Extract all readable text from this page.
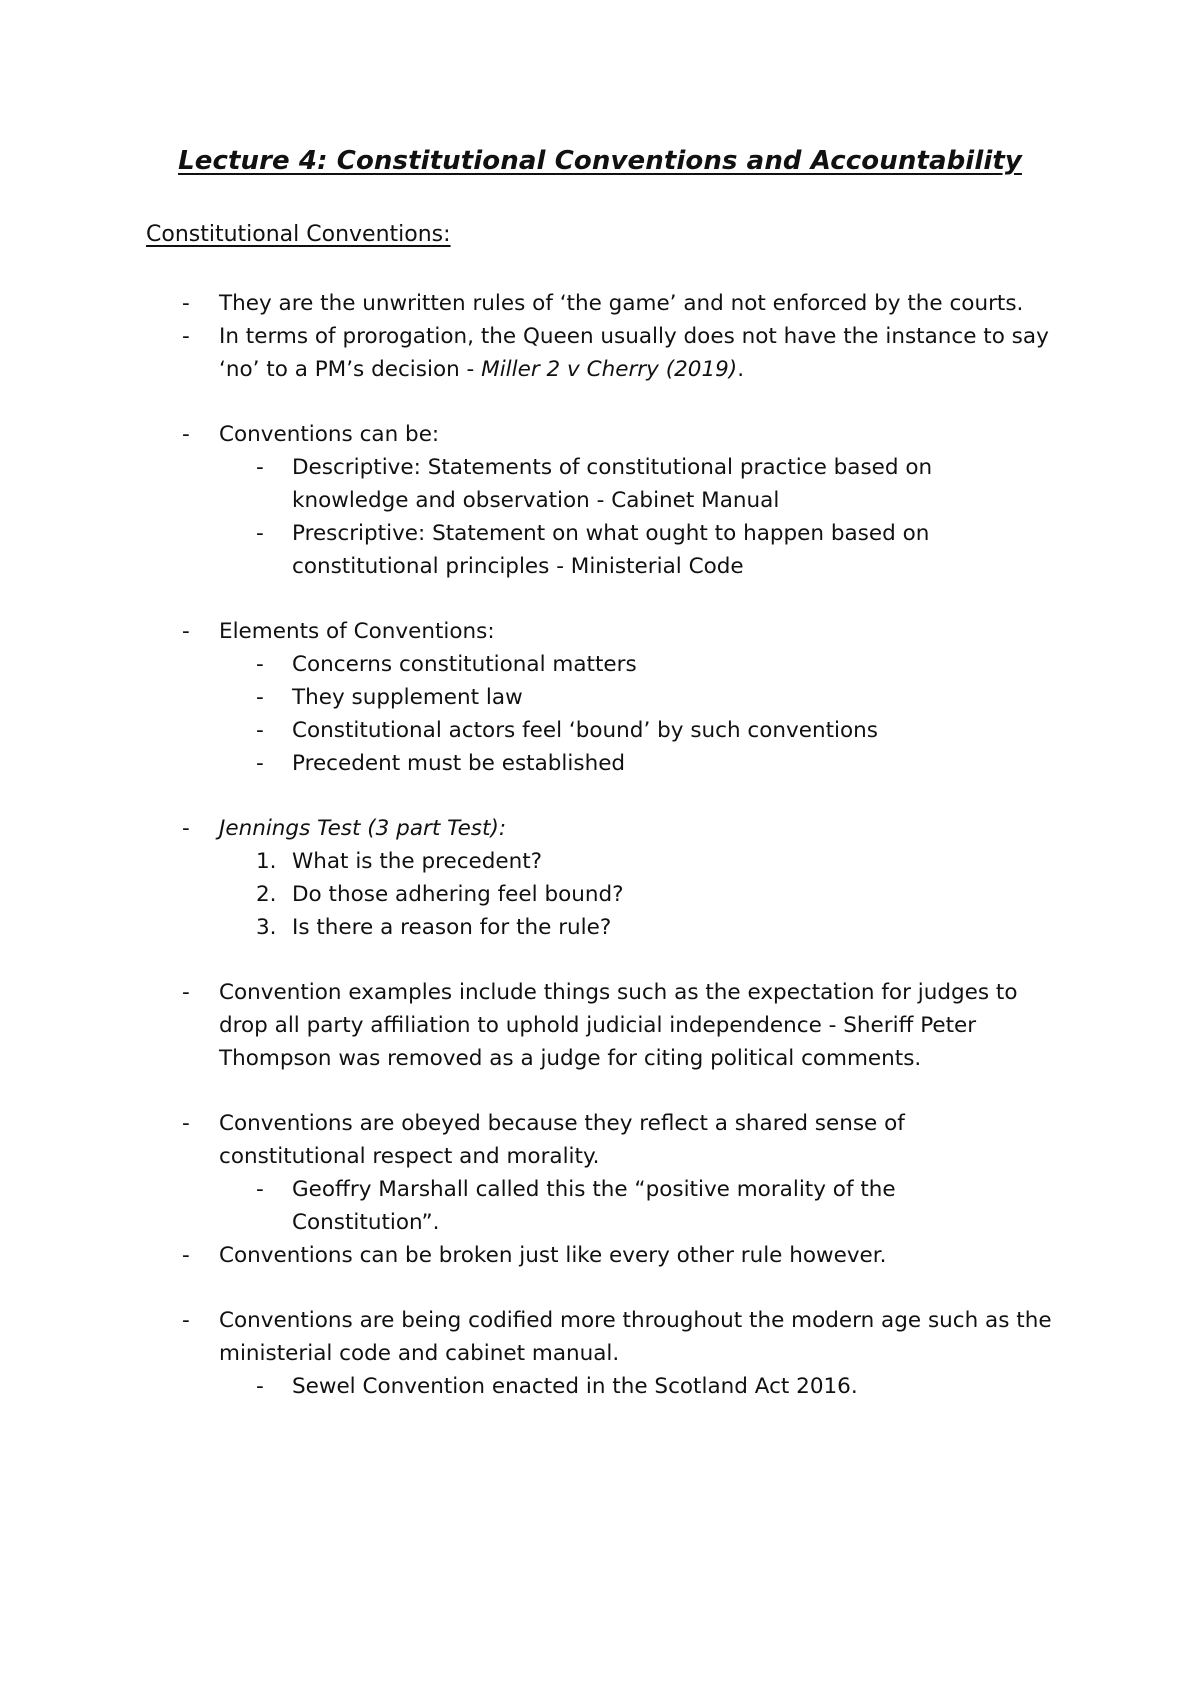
Lecture 4: Constitutional Conventions and Accountability
Constitutional Conventions:
- They are the unwritten rules of ‘the game’ and not enforced by the courts.
- In terms of prorogation, the Queen usually does not have the instance to say
‘no’ to a PM’s decision - Miller 2 v Cherry (2019).
- Conventions can be:
- Descriptive: Statements of constitutional practice based on
knowledge and observation - Cabinet Manual
- Prescriptive: Statement on what ought to happen based on
constitutional principles - Ministerial Code
- Elements of Conventions:
- Concerns constitutional matters
- They supplement law
- Constitutional actors feel ‘bound’ by such conventions
- Precedent must be established
- Jennings Test (3 part Test):
1. What is the precedent?
2. Do those adhering feel bound?
3. Is there a reason for the rule?
- Convention examples include things such as the expectation for judges to
drop all party affiliation to uphold judicial independence - Sheriff Peter
Thompson was removed as a judge for citing political comments.
- Conventions are obeyed because they reflect a shared sense of
constitutional respect and morality.
- Geoffry Marshall called this the “positive morality of the
Constitution”.
- Conventions can be broken just like every other rule however.
- Conventions are being codified more throughout the modern age such as the
ministerial code and cabinet manual.
- Sewel Convention enacted in the Scotland Act 2016.
